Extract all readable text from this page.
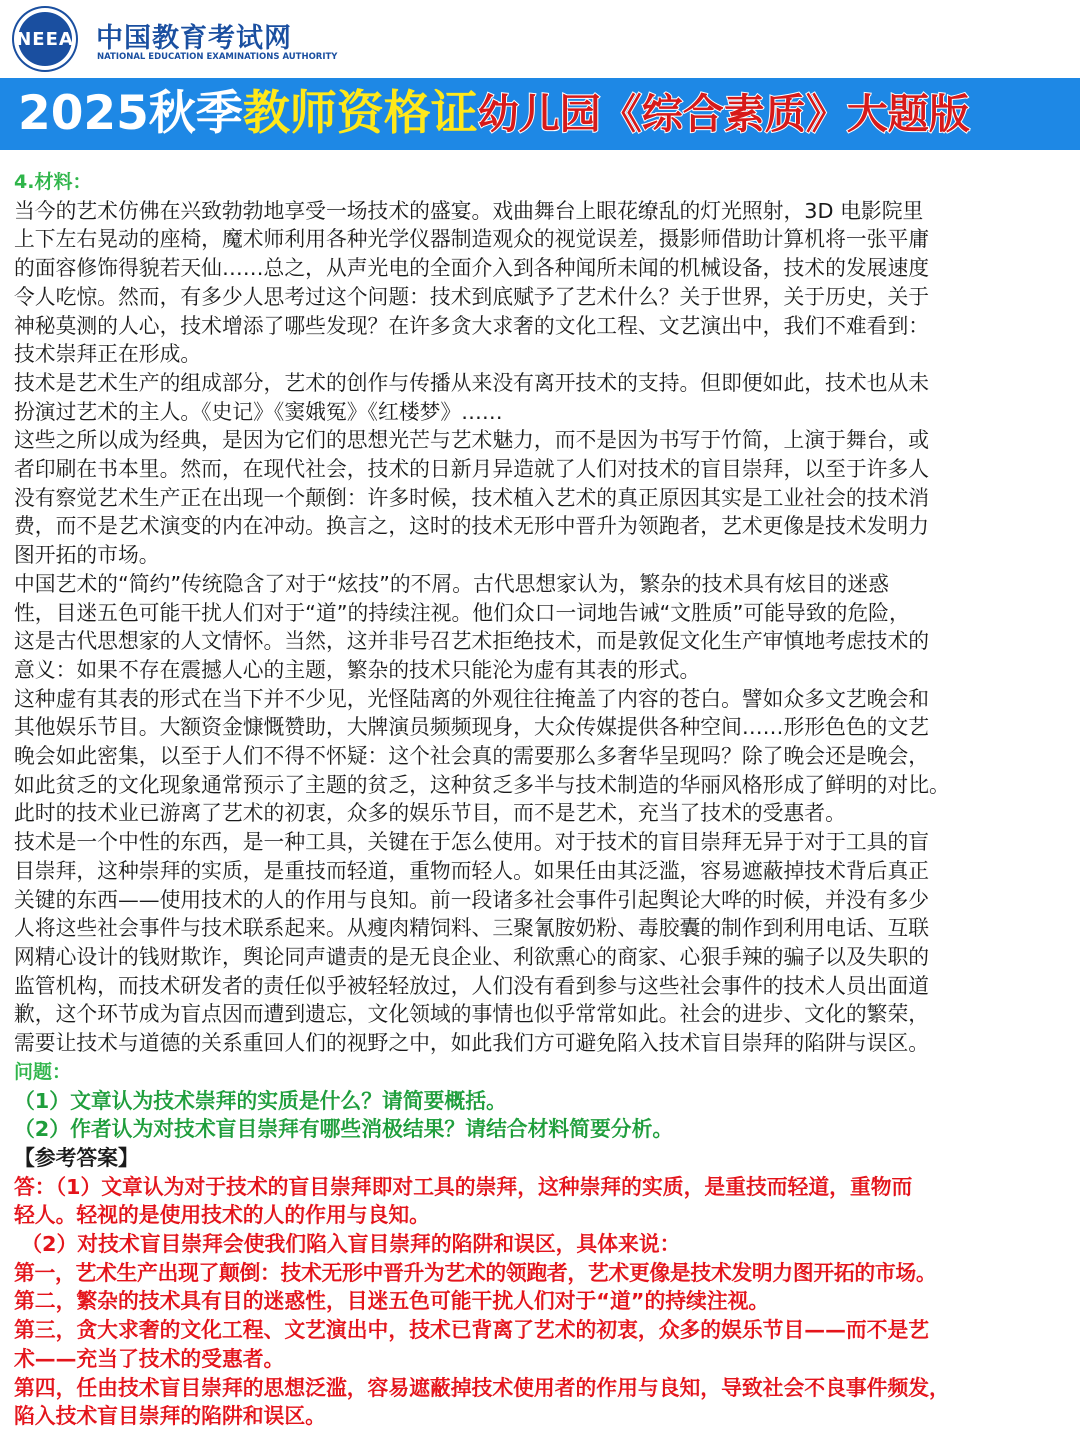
NEEA 中国教育考试网
NATIONAL EDUCATION EXAMINATIONS AUTHORITY
2025秋季 教师资格证 幼儿园《综合素质》大题版

4.材料：

当今的艺术仿佛在兴致勃勃地享受一场技术的盛宴。戏曲舞台上眼花缭乱的灯光照射，3D 电影院里
上下左右晃动的座椅，魔术师利用各种光学仪器制造观众的视觉误差，摄影师借助计算机将一张平庸
的面容修饰得貌若天仙……总之，从声光电的全面介入到各种闻所未闻的机械设备，技术的发展速度
令人吃惊。然而，有多少人思考过这个问题：技术到底赋予了艺术什么？关于世界，关于历史，关于
神秘莫测的人心，技术增添了哪些发现？在许多贪大求奢的文化工程、文艺演出中，我们不难看到：
技术崇拜正在形成。

技术是艺术生产的组成部分，艺术的创作与传播从来没有离开技术的支持。但即便如此，技术也从未
扮演过艺术的主人。《史记》《窦娥冤》《红楼梦》……

这些之所以成为经典，是因为它们的思想光芒与艺术魅力，而不是因为书写于竹简，上演于舞台，或
者印刷在书本里。然而，在现代社会，技术的日新月异造就了人们对技术的盲目崇拜，以至于许多人
没有察觉艺术生产正在出现一个颠倒：许多时候，技术植入艺术的真正原因其实是工业社会的技术消
费，而不是艺术演变的内在冲动。换言之，这时的技术无形中晋升为领跑者，艺术更像是技术发明力
图开拓的市场。

中国艺术的“简约”传统隐含了对于“炫技”的不屑。古代思想家认为，繁杂的技术具有炫目的迷惑
性，目迷五色可能干扰人们对于“道”的持续注视。他们众口一词地告诫“文胜质”可能导致的危险，
这是古代思想家的人文情怀。当然，这并非号召艺术拒绝技术，而是敦促文化生产审慎地考虑技术的
意义：如果不存在震撼人心的主题，繁杂的技术只能沦为虚有其表的形式。

这种虚有其表的形式在当下并不少见，光怪陆离的外观往往掩盖了内容的苍白。譬如众多文艺晚会和
其他娱乐节目。大额资金慷慨赞助，大牌演员频频现身，大众传媒提供各种空间……形形色色的文艺
晚会如此密集，以至于人们不得不怀疑：这个社会真的需要那么多奢华呈现吗？除了晚会还是晚会，
如此贫乏的文化现象通常预示了主题的贫乏，这种贫乏多半与技术制造的华丽风格形成了鲜明的对比。
此时的技术业已游离了艺术的初衷，众多的娱乐节目，而不是艺术，充当了技术的受惠者。

技术是一个中性的东西，是一种工具，关键在于怎么使用。对于技术的盲目崇拜无异于对于工具的盲
目崇拜，这种崇拜的实质，是重技而轻道，重物而轻人。如果任由其泛滥，容易遮蔽掉技术背后真正
关键的东西——使用技术的人的作用与良知。前一段诸多社会事件引起舆论大哗的时候，并没有多少
人将这些社会事件与技术联系起来。从瘦肉精饲料、三聚氰胺奶粉、毒胶囊的制作到利用电话、互联
网精心设计的钱财欺诈，舆论同声谴责的是无良企业、利欲熏心的商家、心狠手辣的骗子以及失职的
监管机构，而技术研发者的责任似乎被轻轻放过，人们没有看到参与这些社会事件的技术人员出面道
歉，这个环节成为盲点因而遭到遗忘，文化领域的事情也似乎常常如此。社会的进步、文化的繁荣，
需要让技术与道德的关系重回人们的视野之中，如此我们方可避免陷入技术盲目崇拜的陷阱与误区。

问题：

（1）文章认为技术崇拜的实质是什么？请简要概括。

（2）作者认为对技术盲目崇拜有哪些消极结果？请结合材料简要分析。

【参考答案】

答：（1）文章认为对于技术的盲目崇拜即对工具的崇拜，这种崇拜的实质，是重技而轻道，重物而
轻人。轻视的是使用技术的人的作用与良知。

（2）对技术盲目崇拜会使我们陷入盲目崇拜的陷阱和误区，具体来说：

第一，艺术生产出现了颠倒：技术无形中晋升为艺术的领跑者，艺术更像是技术发明力图开拓的市场。

第二，繁杂的技术具有目的迷惑性，目迷五色可能干扰人们对于“道”的持续注视。

第三，贪大求奢的文化工程、文艺演出中，技术已背离了艺术的初衷，众多的娱乐节目——而不是艺
术——充当了技术的受惠者。

第四，任由技术盲目崇拜的思想泛滥，容易遮蔽掉技术使用者的作用与良知，导致社会不良事件频发，
陷入技术盲目崇拜的陷阱和误区。
